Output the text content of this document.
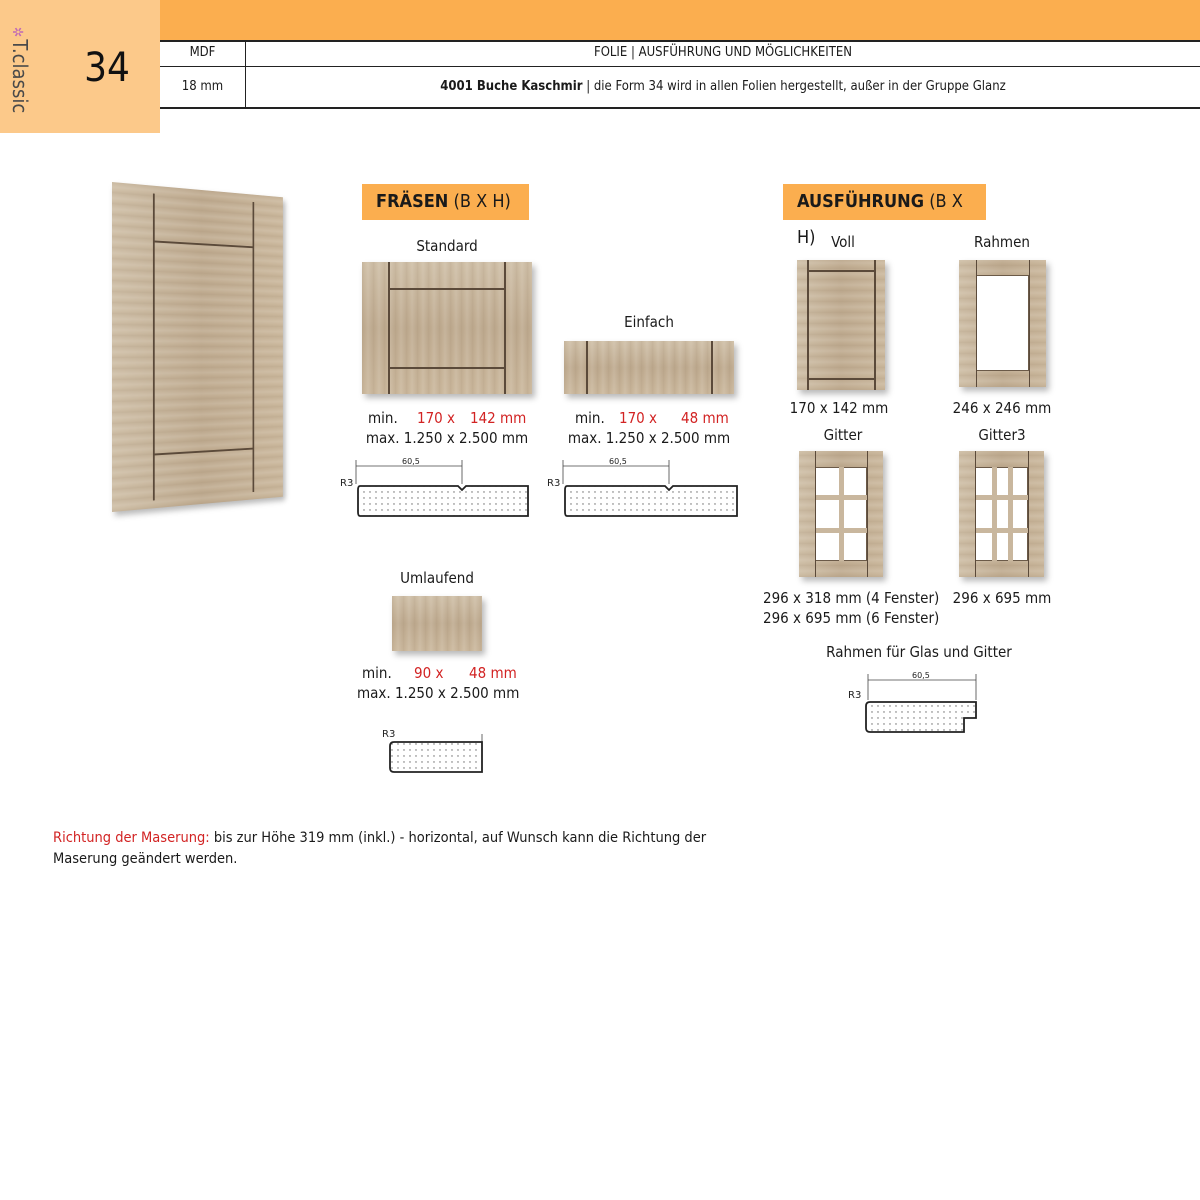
✲T.classic	34	MDF	FOLIE | AUSFÜHRUNG UND MÖGLICHKEITEN
18 mm	4001 Buche Kaschmir | die Form 34 wird in allen Folien hergestellt, außer in der Gruppe Glanz
FRÄSEN (B X H)
Standard
min. 170 x 142 mm
max. 1.250 x 2.500 mm
R3
60,5
Einfach
min. 170 x 48 mm
max. 1.250 x 2.500 mm
R3
60,5
Umlaufend
min. 90 x	48 mm
max. 1.250 x 2.500 mm
R3
AUSFÜHRUNG (B X H)	Voll
170 x 142 mm
Rahmen
246 x 246 mm
Gitter
296 x 318 mm (4 Fenster)
296 x 695 mm (6 Fenster)
Gitter3
296 x 695 mm
Rahmen für Glas und Gitter
R3
60,5
Richtung der Maserung: bis zur Höhe 319 mm (inkl.) - horizontal, auf Wunsch kann die Richtung der Maserung geändert werden.
